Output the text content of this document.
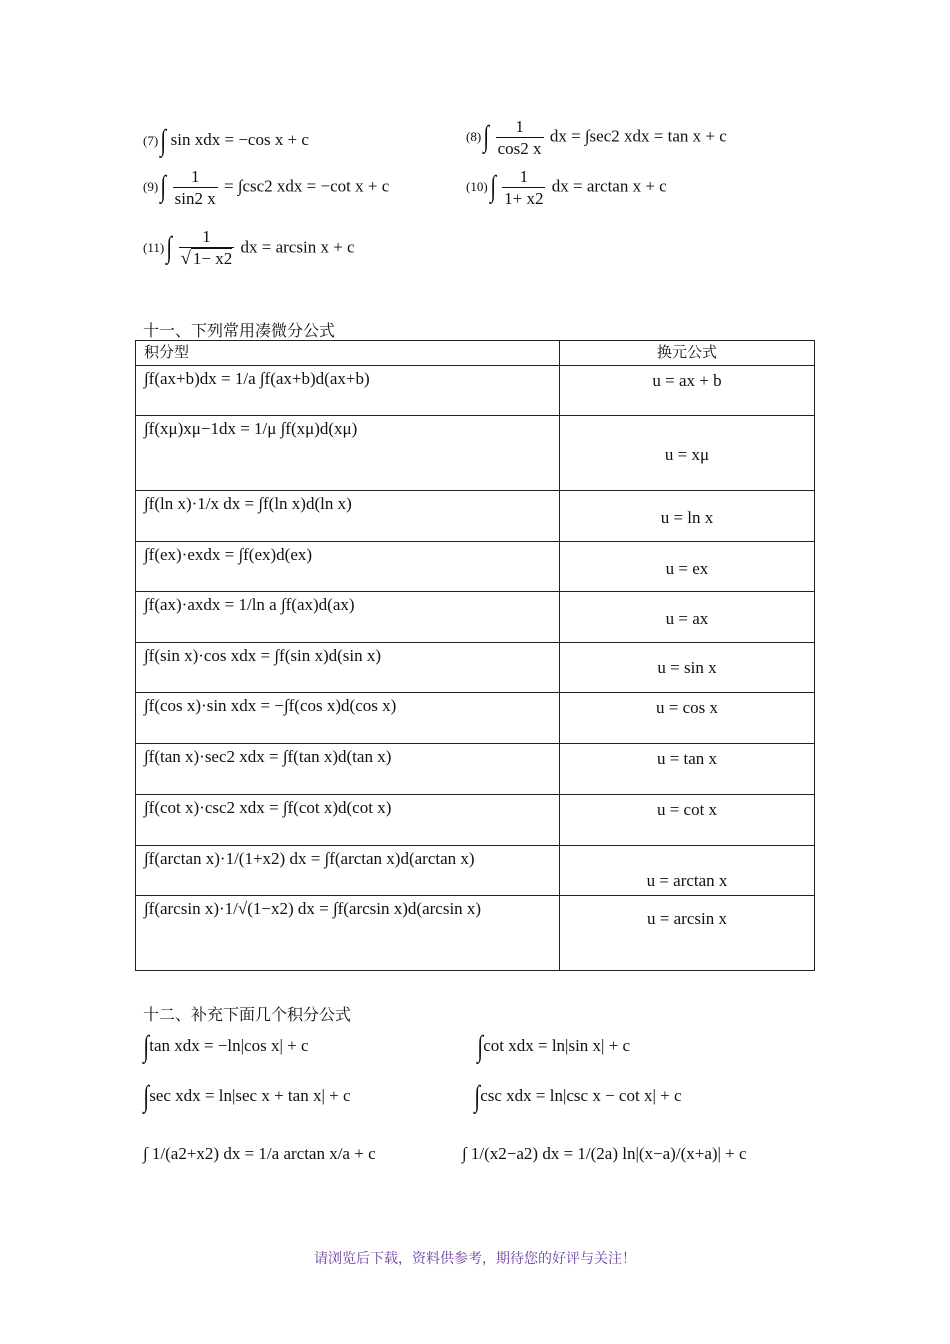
(7)∫ sin xdx = −cos x + c	$(8)\int \frac{1}{\cos 2 x}$ dx = ∫sec2 xdx = tan x + c
$(9)\int \frac{1}{\sin 2 x} = \int\csc 2$ xdx = −cot x + c	$(10)\int \frac{1}{1+ x2}$ dx = arctan x + c
$(11)\int \frac{1}{√ 1- x2}$ dx = arcsin x + c
十一、下列常用凑微分公式
积分型	换元公式
∫f(ax+b)dx = 1/a ∫f(ax+b)d(ax+b)	u = ax + b
∫f(xμ)xμ−1dx = 1/μ ∫f(xμ)d(xμ)	u = xμ
∫f(ln x)·1/x dx = ∫f(ln x)d(ln x)	u = ln x
∫f(ex)·exdx = ∫f(ex)d(ex)	u = ex
∫f(ax)·axdx = 1/ln a ∫f(ax)d(ax)	u = ax
∫f(sin x)·cos xdx = ∫f(sin x)d(sin x)	u = sin x
∫f(cos x)·sin xdx = −∫f(cos x)d(cos x)	u = cos x
∫f(tan x)·sec2 xdx = ∫f(tan x)d(tan x)	u = tan x
∫f(cot x)·csc2 xdx = ∫f(cot x)d(cot x)	u = cot x
∫f(arctan x)·1/(1+x2) dx = ∫f(arctan x)d(arctan x)	u = arctan x
∫f(arcsin x)·1/√(1−x2) dx = ∫f(arcsin x)d(arcsin x)	u = arcsin x
十二、补充下面几个积分公式
∫tan xdx = −ln|cos x| + c	∫cot xdx = ln|sin x| + c
∫sec xdx = ln|sec x + tan x| + c	∫csc xdx = ln|csc x − cot x| + c
∫ 1/(a2+x2) dx = 1/a arctan x/a + c	∫ 1/(x2−a2) dx = 1/(2a) ln|(x−a)/(x+a)| + c
请浏览后下载，资料供参考，期待您的好评与关注！
